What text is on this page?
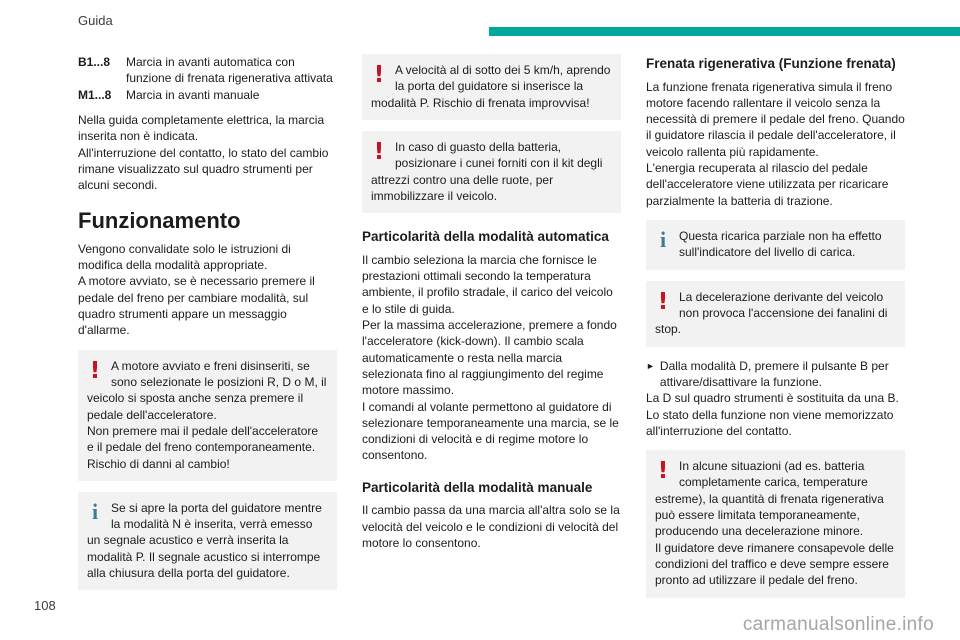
Guida
B1...8	Marcia in avanti automatica con funzione di frenata rigenerativa attivata
M1...8	Marcia in avanti manuale

Nella guida completamente elettrica, la marcia inserita non è indicata.

All'interruzione del contatto, lo stato del cambio rimane visualizzato sul quadro strumenti per alcuni secondi.

Funzionamento

Vengono convalidate solo le istruzioni di modifica della modalità appropriate.

A motore avviato, se è necessario premere il pedale del freno per cambiare modalità, sul quadro strumenti appare un messaggio d'allarme.

! A motore avviato e freni disinseriti, se sono selezionate le posizioni R, D o M, il veicolo si sposta anche senza premere il pedale dell'acceleratore.

Non premere mai il pedale dell'acceleratore e il pedale del freno contemporaneamente. Rischio di danni al cambio!

i	Se si apre la porta del guidatore mentre la modalità N è inserita, verrà emesso un segnale acustico e verrà inserita la modalità P. Il segnale acustico si interrompe alla chiusura della porta del guidatore.

! A velocità al di sotto dei 5 km/h, aprendo la porta del guidatore si inserisce la modalità P. Rischio di frenata improvvisa!

! In caso di guasto della batteria, posizionare i cunei forniti con il kit degli attrezzi contro una delle ruote, per immobilizzare il veicolo.

Particolarità della modalità automatica

Il cambio seleziona la marcia che fornisce le prestazioni ottimali secondo la temperatura ambiente, il profilo stradale, il carico del veicolo e lo stile di guida.

Per la massima accelerazione, premere a fondo l'acceleratore (kick-down). Il cambio scala automaticamente o resta nella marcia selezionata fino al raggiungimento del regime motore massimo.

I comandi al volante permettono al guidatore di selezionare temporaneamente una marcia, se le condizioni di velocità e di regime motore lo consentono.

Particolarità della modalità manuale

Il cambio passa da una marcia all'altra solo se la velocità del veicolo e le condizioni di velocità del motore lo consentono.

Frenata rigenerativa (Funzione frenata)

La funzione frenata rigenerativa simula il freno motore facendo rallentare il veicolo senza la necessità di premere il pedale del freno. Quando il guidatore rilascia il pedale dell'acceleratore, il veicolo rallenta più rapidamente.

L'energia recuperata al rilascio del pedale dell'acceleratore viene utilizzata per ricaricare parzialmente la batteria di trazione.

i	Questa ricarica parziale non ha effetto sull'indicatore del livello di carica.

! La decelerazione derivante del veicolo non provoca l'accensione dei fanalini di stop.

► Dalla modalità D, premere il pulsante B per attivare/disattivare la funzione.

La D sul quadro strumenti è sostituita da una B.

Lo stato della funzione non viene memorizzato all'interruzione del contatto.

! In alcune situazioni (ad es. batteria completamente carica, temperature estreme), la quantità di frenata rigenerativa può essere limitata temporaneamente, producendo una decelerazione minore.

Il guidatore deve rimanere consapevole delle condizioni del traffico e deve sempre essere pronto ad utilizzare il pedale del freno.

108
carmanualsonline.info
